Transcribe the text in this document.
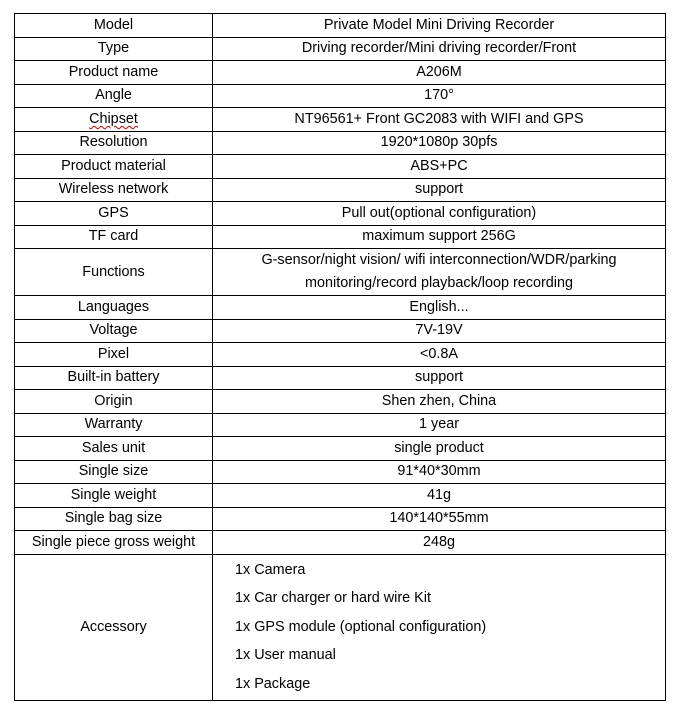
Model	Private Model Mini Driving Recorder
Type	Driving recorder/Mini driving recorder/Front
Product name	A206M
Angle	170°
Chipset	NT96561+ Front GC2083 with WIFI and GPS
Resolution	1920*1080p 30pfs
Product material	ABS+PC
Wireless network	support
GPS	Pull out(optional configuration)
TF card	maximum support 256G
Functions	G-sensor/night vision/ wifi interconnection/WDR/parking
monitoring/record playback/loop recording

Languages	English...
Voltage	7V-19V
Pixel	<0.8A
Built-in battery	support
Origin	Shen zhen, China
Warranty	1 year
Sales unit	single product
Single size	91*40*30mm
Single weight	41g
Single bag size	140*140*55mm
Single piece gross weight	248g
Accessory	1x Camera
1x Car charger or hard wire Kit
1x GPS module (optional configuration)
1x User manual
1x Package
